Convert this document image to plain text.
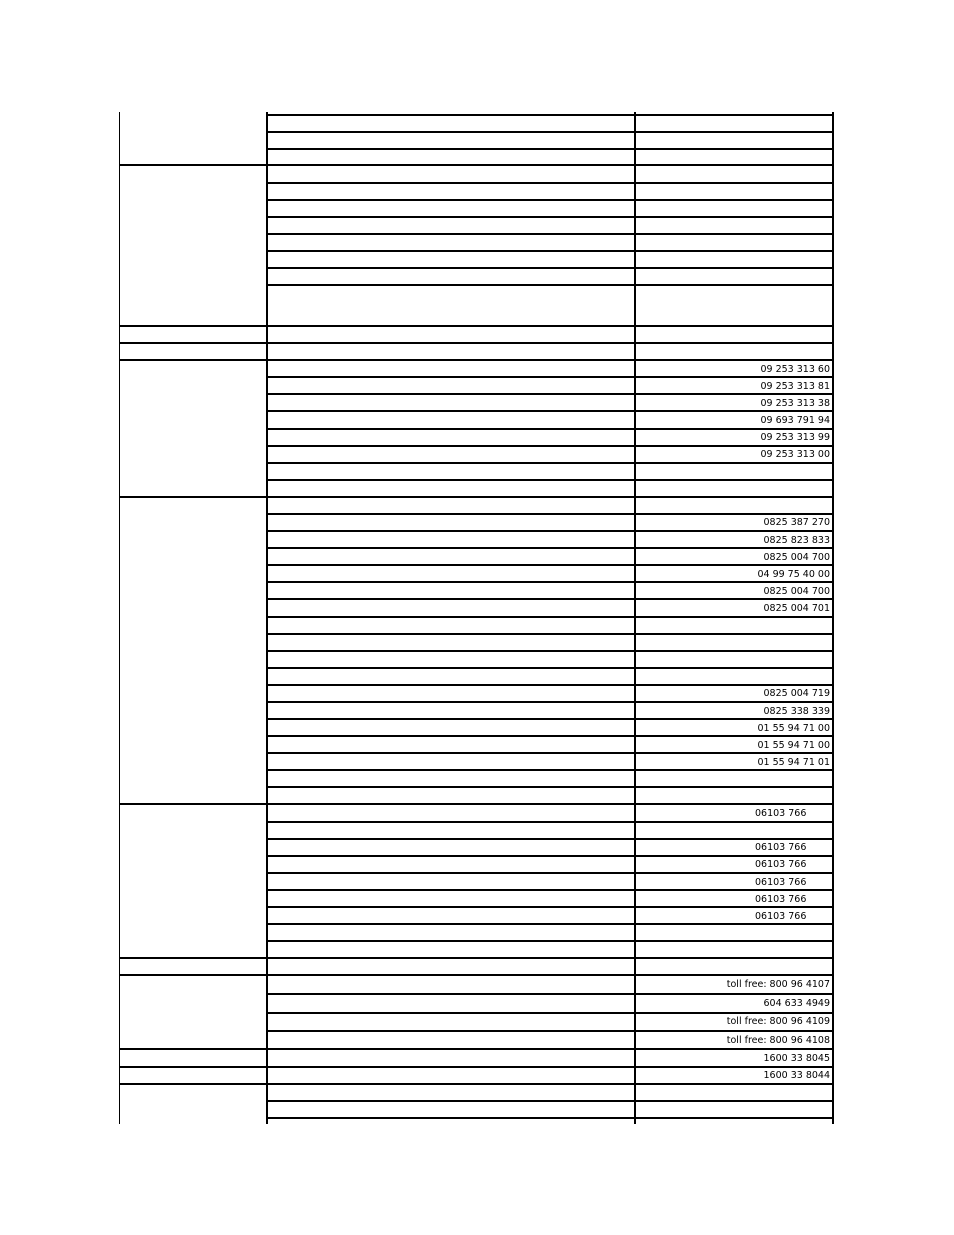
09 253 313 60
09 253 313 81
09 253 313 38
09 693 791 94
09 253 313 99
09 253 313 00
0825 387 270
0825 823 833
0825 004 700
04 99 75 40 00
0825 004 700
0825 004 701
0825 004 719
0825 338 339
01 55 94 71 00
01 55 94 71 00
01 55 94 71 01
06103 766
06103 766
06103 766
06103 766
06103 766
06103 766
toll free: 800 96 4107
604 633 4949
toll free: 800 96 4109
toll free: 800 96 4108
1600 33 8045
1600 33 8044
